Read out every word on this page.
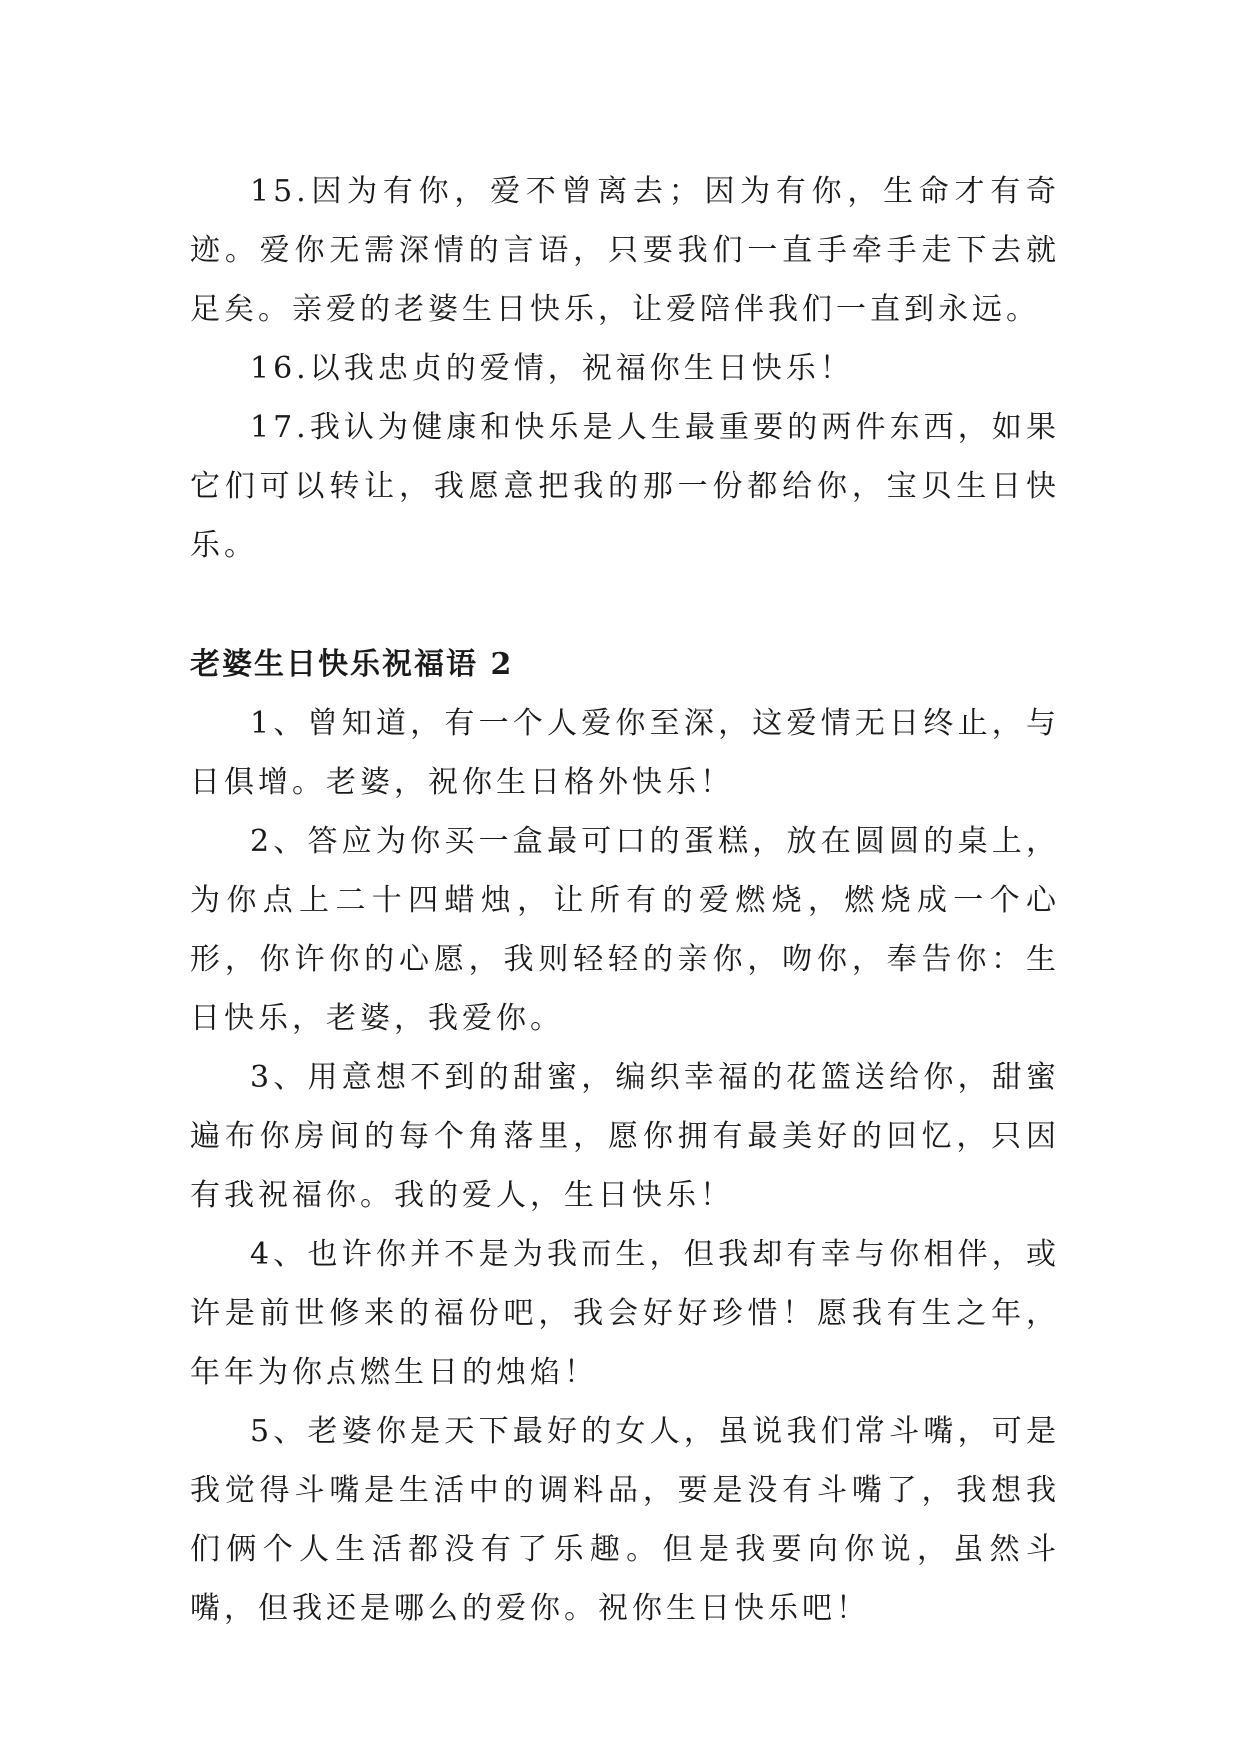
15.因为有你，爱不曾离去；因为有你，生命才有奇迹。爱你无需深情的言语，只要我们一直手牵手走下去就足矣。亲爱的老婆生日快乐，让爱陪伴我们一直到永远。

16.以我忠贞的爱情，祝福你生日快乐！

17.我认为健康和快乐是人生最重要的两件东西，如果它们可以转让，我愿意把我的那一份都给你，宝贝生日快乐。

老婆生日快乐祝福语 2

1、曾知道，有一个人爱你至深，这爱情无日终止，与日俱增。老婆，祝你生日格外快乐！

2、答应为你买一盒最可口的蛋糕，放在圆圆的桌上，为你点上二十四蜡烛，让所有的爱燃烧，燃烧成一个心形，你许你的心愿，我则轻轻的亲你，吻你，奉告你：生日快乐，老婆，我爱你。

3、用意想不到的甜蜜，编织幸福的花篮送给你，甜蜜遍布你房间的每个角落里，愿你拥有最美好的回忆，只因有我祝福你。我的爱人，生日快乐！

4、也许你并不是为我而生，但我却有幸与你相伴，或许是前世修来的福份吧，我会好好珍惜！愿我有生之年，年年为你点燃生日的烛焰！

5、老婆你是天下最好的女人，虽说我们常斗嘴，可是我觉得斗嘴是生活中的调料品，要是没有斗嘴了，我想我们俩个人生活都没有了乐趣。但是我要向你说，虽然斗嘴，但我还是哪么的爱你。祝你生日快乐吧！
